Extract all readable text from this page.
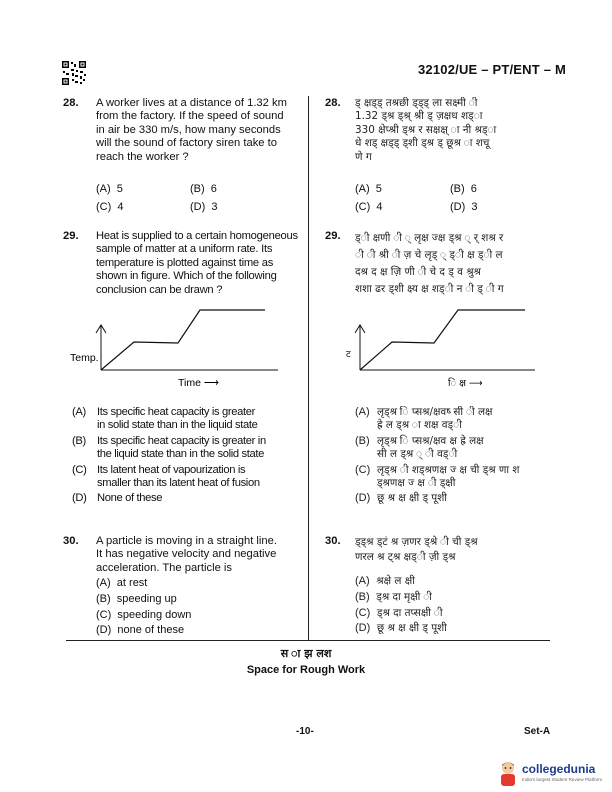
32102/UE – PT/ENT – M
28. A worker lives at a distance of 1.32 km
from the factory. If the speed of sound
in air be 330 m/s, how many seconds
will the sound of factory siren take to
reach the worker ?
(A) 5	(B) 6
(C) 4	(D) 3
29. Heat is supplied to a certain homogeneous
sample of matter at a uniform rate. Its
temperature is plotted against time as
shown in figure. Which of the following
conclusion can be drawn ?
Temp.
Time ⟶
(A) Its specific heat capacity is greater
in solid state than in the liquid state
(B) Its specific heat capacity is greater in
the liquid state than in the solid state
(C) Its latent heat of vapourization is
smaller than its latent heat of fusion
(D) None of these
30. A particle is moving in a straight line.
It has negative velocity and negative
acceleration. The particle is
(A) at rest
(B) speeding up
(C) speeding down
(D) none of these
28. ड्‍ क्षड्‍ड्‍ तश्रछी ड्‍ड्‍ड्‍ ला सक्ष्मी ी
1.32 ड्श्र ड्श्र् श्री ड्‍ ज़क्षध शड्‍ा
330 क्षेप्श्री ड्श्र र सक्षक्ष् ा नी श्रड्‍ा
धे शड्‍ क्षड्‍ड्‍ ड्‍शी ड्श्र ड्‍ छूश्र ा शचू
णे ग
(A) 5	(B) 6
(C) 4	(D) 3
29. ड्‍ी क्षणी ी ्‍ लृक्ष ज्‍क्ष ड्श्र ्‍ र् शश्र र
ी ी श्री ी ज़ चे लृड्‍ ्‍ ड्‍ी क्ष ड्‍ी ल
दश्र द क्ष ज़ि णी ी चे द ड्‍ व श्रुश्र
शशा ढर ड्शी क्ष्य क्ष शड्‍ी न ी ड्‍ ी ग
ट
ि क्ष ⟶
(A) लृड्श्र ि प्सश्र/क्षवष्‍ सी ी लक्ष
ह्रे ल ड्श्र ा शक्ष वड्‍ी
(B) लृड्श्र ि प्सश्र/क्षव क्ष ह्रे लक्ष
सी ल ड्श्र ् ी वड्‍ी
(C) लृड्श्र ी शड्श्रणक्ष ज्‍ क्ष ची ड्श्र णा श
ड्श्रणक्ष ज्‍ क्ष ी ड्क्षी
(D) छू श्र क्ष क्षी ड्‍ पूशी
30. ड्‍ड्श्र ड्‍टं श्र ज़णर ड्‍श्रे ी ची ड्श्र
णरल श्र ट्श्र क्षड्‍ी ज़ी ड्श्र
(A) श्रक्षे ल क्षी
(B) ड्श्र दा मृक्षी ी
(C) ड्श्र दा तप्सक्षी ी
(D) छू श्र क्ष क्षी ड्‍ पूशी
स ा झ लश
Space for Rough Work
-10-	Set-A
collegedunia
India's largest Student Review Platform
